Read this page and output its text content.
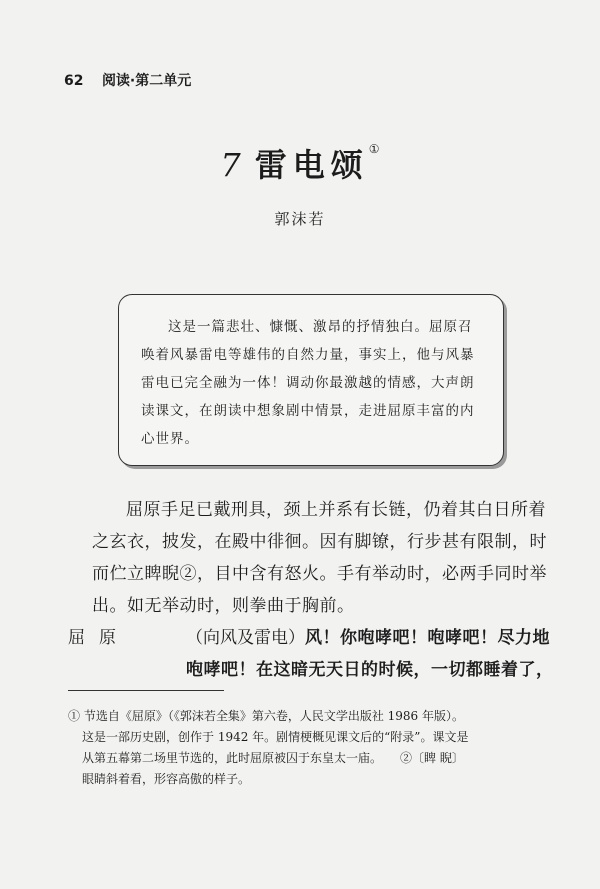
62 阅读·第二单元
7 雷电颂①
郭沫若

这是一篇悲壮、慷慨、激昂的抒情独白。屈原召唤着风暴雷电等雄伟的自然力量，事实上，他与风暴雷电已完全融为一体！调动你最激越的情感，大声朗读课文，在朗读中想象剧中情景，走进屈原丰富的内心世界。

屈原手足已戴刑具，颈上并系有长链，仍着其白日所着之玄衣，披发，在殿中徘徊。因有脚镣，行步甚有限制，时而伫立睥睨②，目中含有怒火。手有举动时，必两手同时举出。如无举动时，则拳曲于胸前。

屈原	（向风及雷电）风！你咆哮吧！咆哮吧！尽力地
咆哮吧！在这暗无天日的时候，一切都睡着了，

① 节选自《屈原》（《郭沫若全集》第六卷，人民文学出版社 1986 年版）。

这是一部历史剧，创作于 1942 年。剧情梗概见课文后的“附录”。课文是

从第五幕第二场里节选的，此时屈原被囚于东皇太一庙。　　②〔睥 睨〕

眼睛斜着看，形容高傲的样子。
